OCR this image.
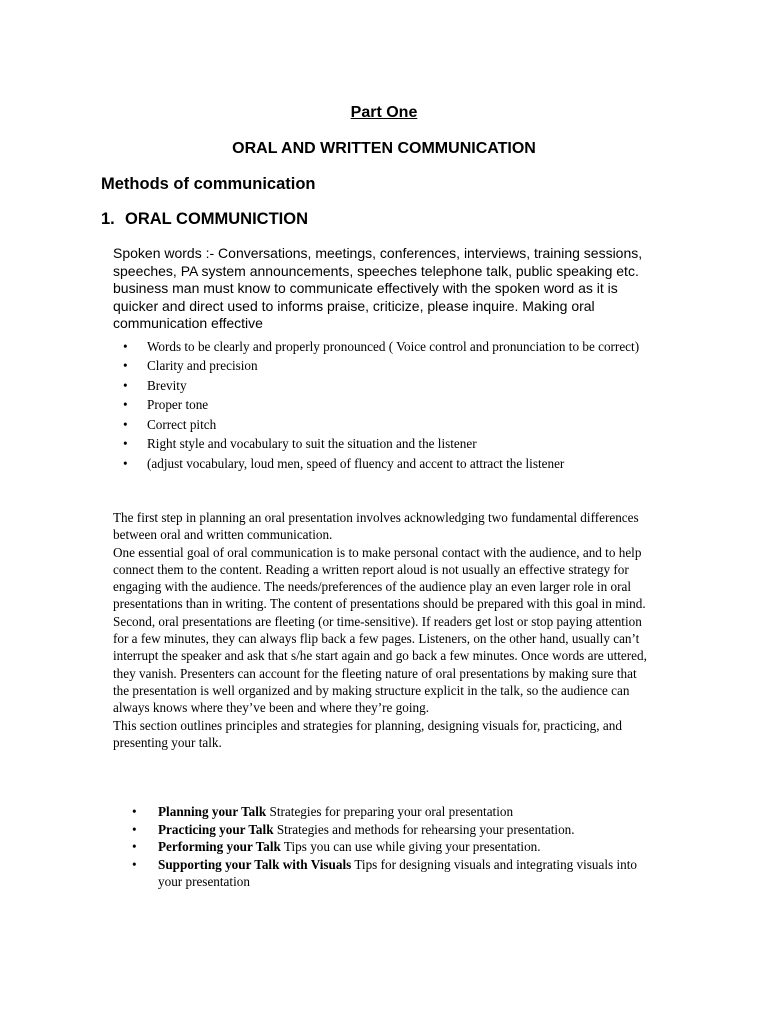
Part One
ORAL AND WRITTEN COMMUNICATION
Methods of communication
1. ORAL COMMUNICTION

Spoken words :- Conversations, meetings, conferences, interviews, training sessions, speeches, PA system announcements, speeches telephone talk, public speaking etc. business man must know to communicate effectively with the spoken word as it is quicker and direct used to informs praise, criticize, please inquire. Making oral communication effective

• Words to be clearly and properly pronounced ( Voice control and pronunciation to be correct)
• Clarity and precision
• Brevity
• Proper tone
• Correct pitch
• Right style and vocabulary to suit the situation and the listener
• (adjust vocabulary, loud men, speed of fluency and accent to attract the listener

The first step in planning an oral presentation involves acknowledging two fundamental differences between oral and written communication.

One essential goal of oral communication is to make personal contact with the audience, and to help connect them to the content. Reading a written report aloud is not usually an effective strategy for engaging with the audience. The needs/preferences of the audience play an even larger role in oral presentations than in writing. The content of presentations should be prepared with this goal in mind.

Second, oral presentations are fleeting (or time-sensitive). If readers get lost or stop paying attention for a few minutes, they can always flip back a few pages. Listeners, on the other hand, usually can’t interrupt the speaker and ask that s/he start again and go back a few minutes. Once words are uttered, they vanish. Presenters can account for the fleeting nature of oral presentations by making sure that the presentation is well organized and by making structure explicit in the talk, so the audience can always knows where they’ve been and where they’re going.

This section outlines principles and strategies for planning, designing visuals for, practicing, and presenting your talk.

• Planning your Talk Strategies for preparing your oral presentation
• Practicing your Talk Strategies and methods for rehearsing your presentation.
• Performing your Talk Tips you can use while giving your presentation.
• Supporting your Talk with Visuals Tips for designing visuals and integrating visuals into your presentation
